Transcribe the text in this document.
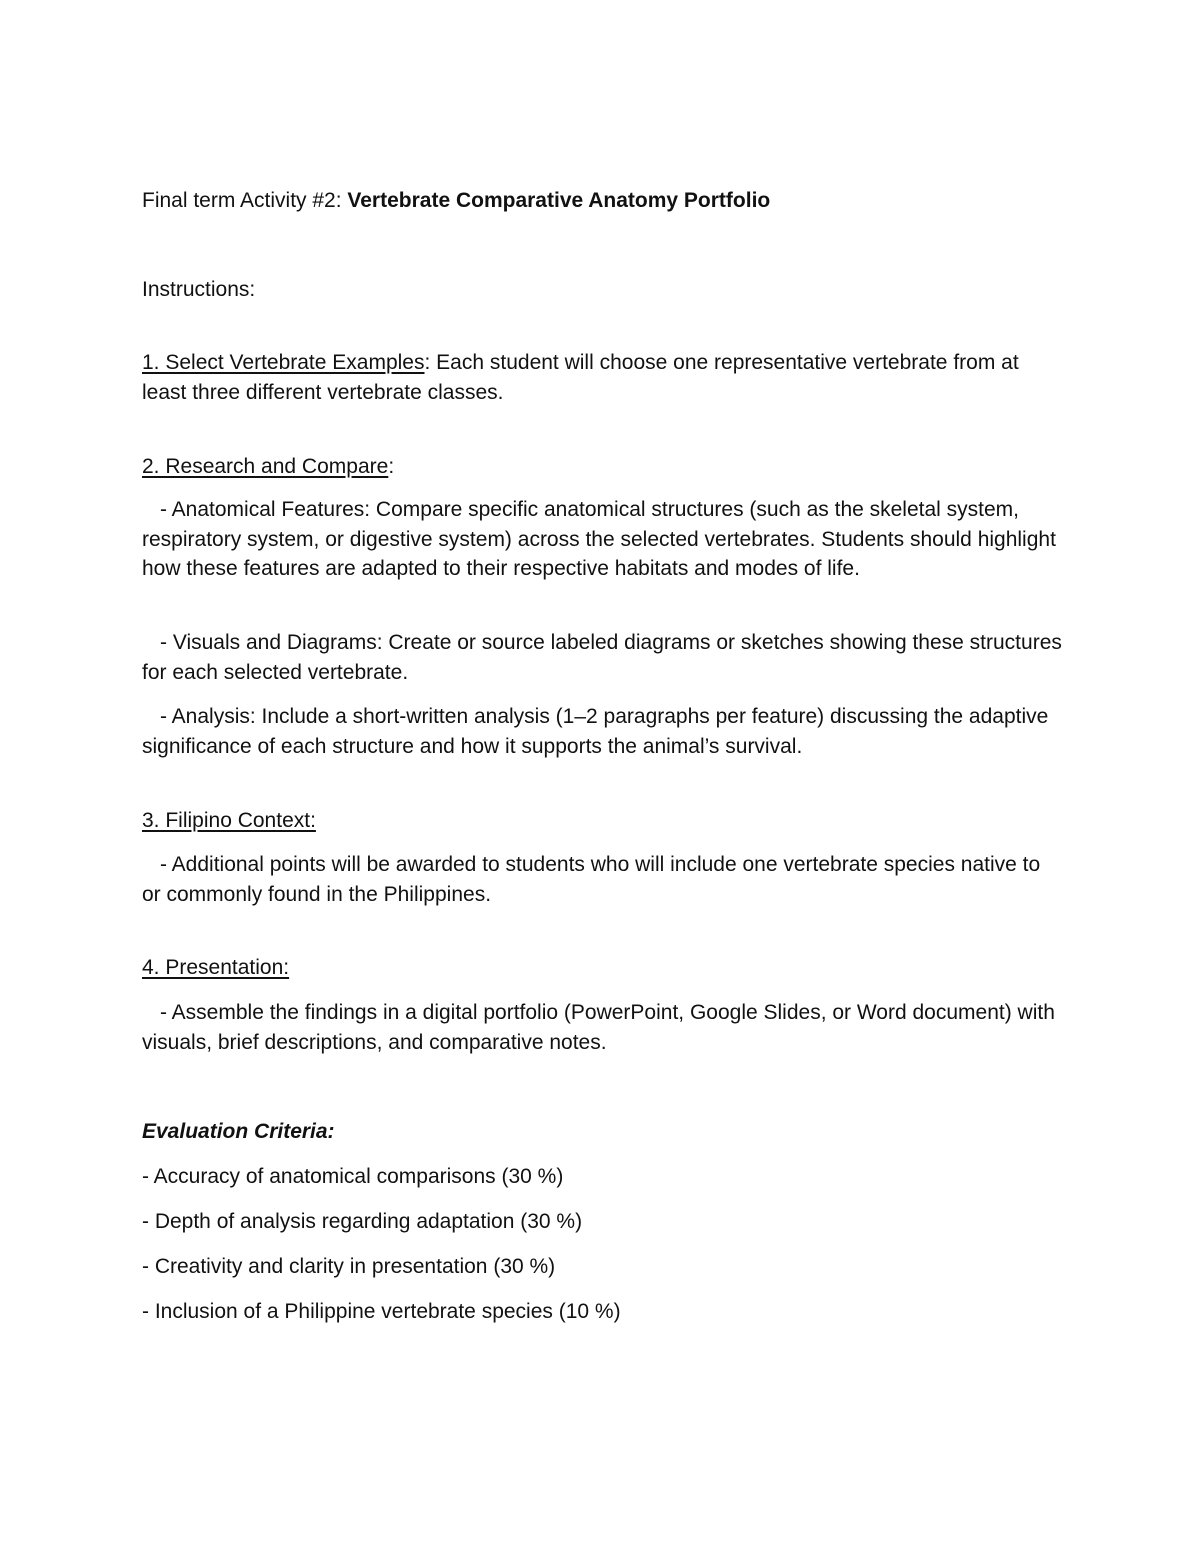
Final term Activity #2: Vertebrate Comparative Anatomy Portfolio
Instructions:
1. Select Vertebrate Examples: Each student will choose one representative vertebrate from at least three different vertebrate classes.
2. Research and Compare:
- Anatomical Features: Compare specific anatomical structures (such as the skeletal system, respiratory system, or digestive system) across the selected vertebrates. Students should highlight how these features are adapted to their respective habitats and modes of life.
- Visuals and Diagrams: Create or source labeled diagrams or sketches showing these structures for each selected vertebrate.
- Analysis: Include a short-written analysis (1–2 paragraphs per feature) discussing the adaptive significance of each structure and how it supports the animal’s survival.
3. Filipino Context:
- Additional points will be awarded to students who will include one vertebrate species native to or commonly found in the Philippines.
4. Presentation:
- Assemble the findings in a digital portfolio (PowerPoint, Google Slides, or Word document) with visuals, brief descriptions, and comparative notes.
Evaluation Criteria:
- Accuracy of anatomical comparisons (30 %)
- Depth of analysis regarding adaptation (30 %)
- Creativity and clarity in presentation (30 %)
- Inclusion of a Philippine vertebrate species (10 %)
